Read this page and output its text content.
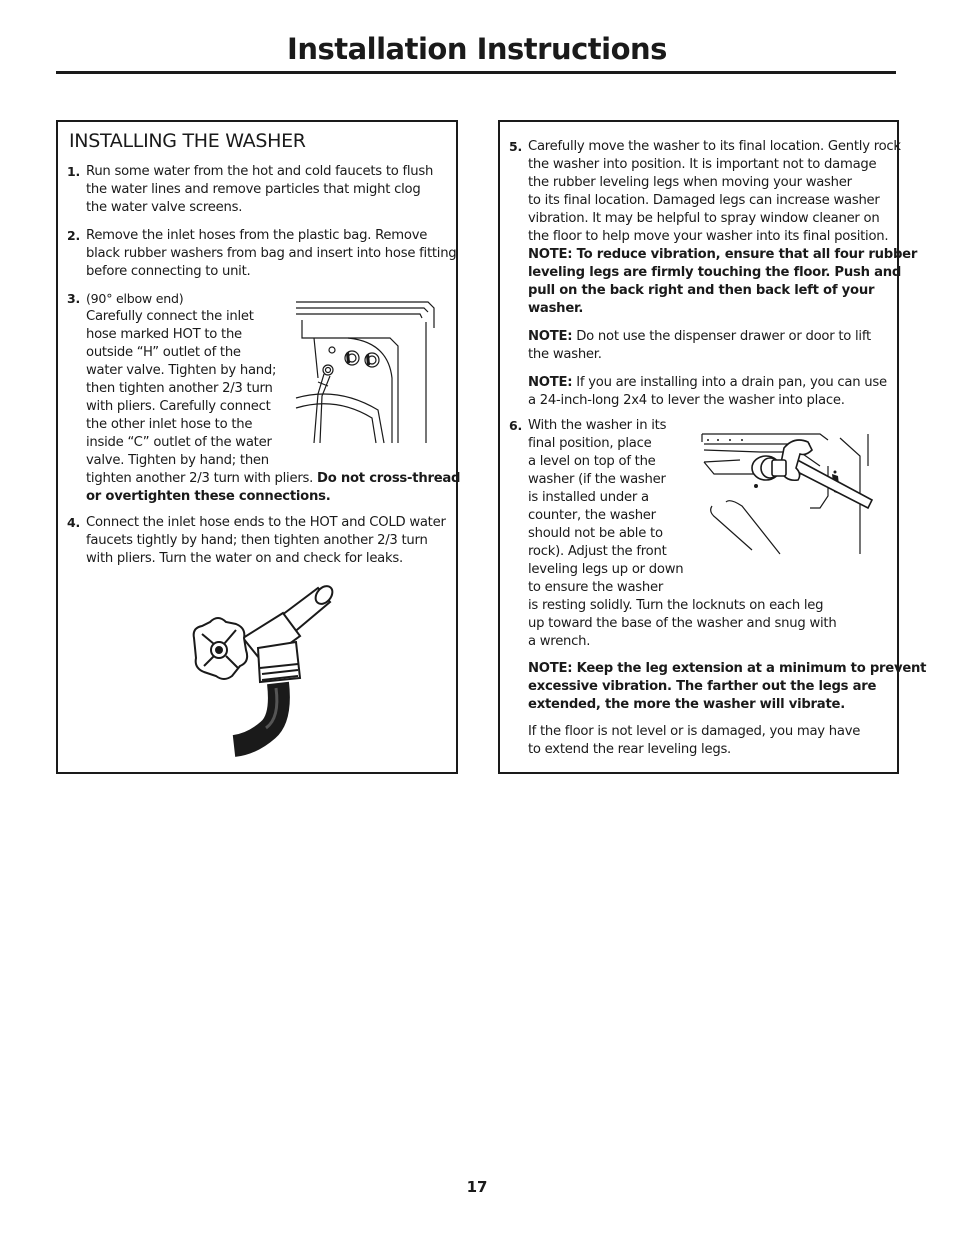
Installation Instructions
INSTALLING THE WASHER
1. Run some water from the hot and cold faucets to flush
the water lines and remove particles that might clog
the water valve screens.
2. Remove the inlet hoses from the plastic bag. Remove
black rubber washers from bag and insert into hose fitting
before connecting to unit.
3. (90° elbow end)
Carefully connect the inlet
hose marked HOT to the
outside “H” outlet of the
water valve. Tighten by hand;
then tighten another 2/3 turn
with pliers. Carefully connect
the other inlet hose to the
inside “C” outlet of the water
valve. Tighten by hand; then
tighten another 2/3 turn with pliers. Do not cross-thread
or overtighten these connections.
4. Connect the inlet hose ends to the HOT and COLD water
faucets tightly by hand; then tighten another 2/3 turn
with pliers. Turn the water on and check for leaks.
5. Carefully move the washer to its final location. Gently rock
the washer into position. It is important not to damage
the rubber leveling legs when moving your washer
to its final location. Damaged legs can increase washer
vibration. It may be helpful to spray window cleaner on
the floor to help move your washer into its final position.
NOTE: To reduce vibration, ensure that all four rubber
leveling legs are firmly touching the floor. Push and
pull on the back right and then back left of your
washer.
NOTE: Do not use the dispenser drawer or door to lift
the washer.
NOTE: If you are installing into a drain pan, you can use
a 24-inch-long 2x4 to lever the washer into place.
6. With the washer in its
final position, place
a level on top of the
washer (if the washer
is installed under a
counter, the washer
should not be able to
rock). Adjust the front
leveling legs up or down
to ensure the washer
is resting solidly. Turn the locknuts on each leg
up toward the base of the washer and snug with
a wrench.
NOTE: Keep the leg extension at a minimum to prevent
excessive vibration. The farther out the legs are
extended, the more the washer will vibrate.
If the floor is not level or is damaged, you may have
to extend the rear leveling legs.
17
